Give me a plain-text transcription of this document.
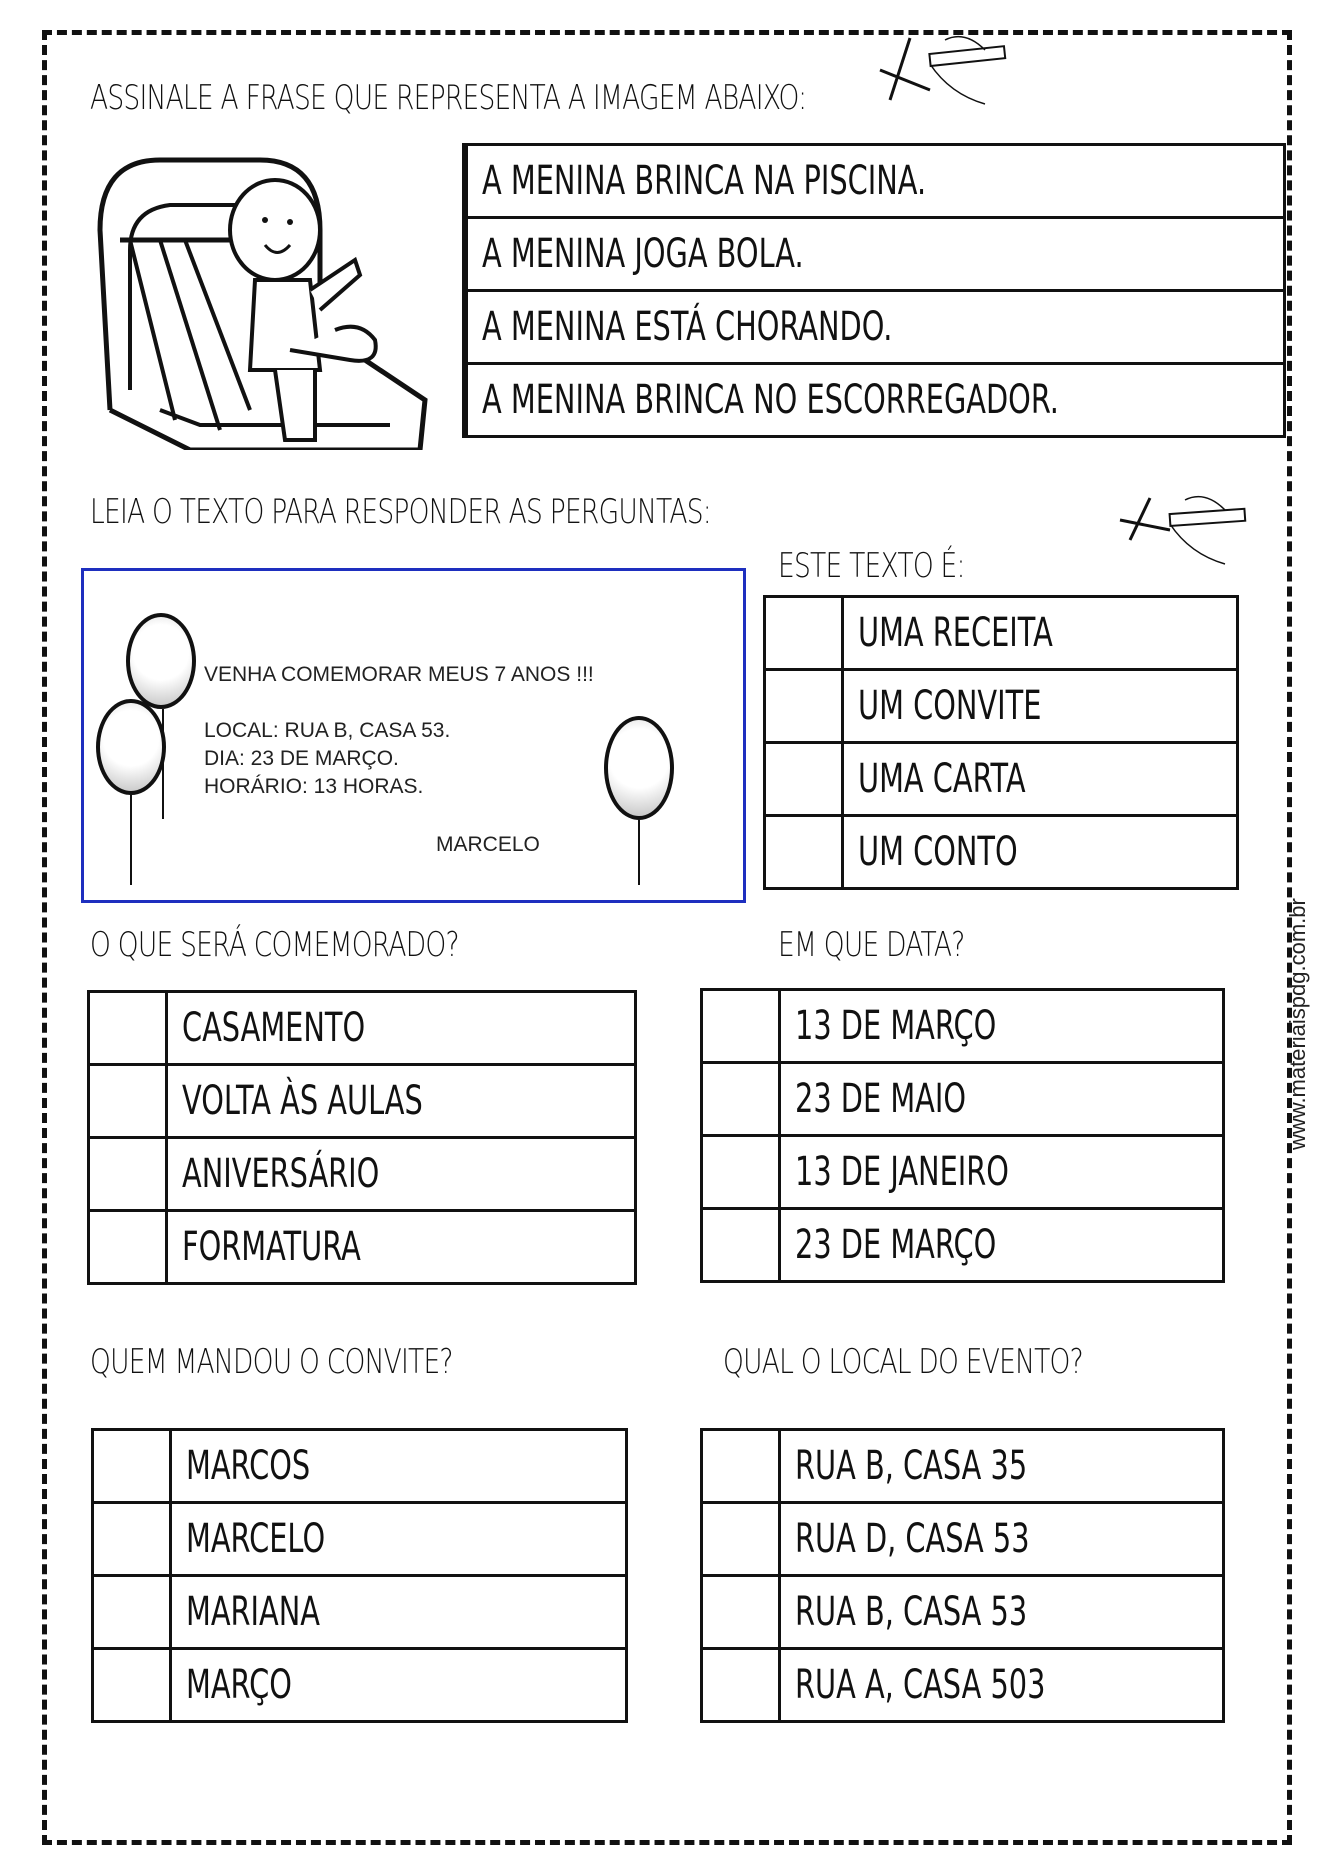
ASSINALE A FRASE QUE REPRESENTA A IMAGEM ABAIXO:
	A MENINA BRINCA NA PISCINA.
	A MENINA JOGA BOLA.
	A MENINA ESTÁ CHORANDO.
	A MENINA BRINCA NO ESCORREGADOR.
LEIA O TEXTO PARA RESPONDER AS PERGUNTAS:
VENHA COMEMORAR MEUS 7 ANOS !!!
LOCAL: RUA B, CASA 53.
DIA: 23 DE MARÇO.
HORÁRIO: 13 HORAS.
MARCELO
ESTE TEXTO É:
	UMA RECEITA
	UM CONVITE
	UMA CARTA
	UM CONTO
O QUE SERÁ COMEMORADO?
	CASAMENTO
	VOLTA ÀS AULAS
	ANIVERSÁRIO
	FORMATURA
EM QUE DATA?
	13 DE MARÇO
	23 DE MAIO
	13 DE JANEIRO
	23 DE MARÇO
QUEM MANDOU O CONVITE?
	MARCOS
	MARCELO
	MARIANA
	MARÇO
QUAL O LOCAL DO EVENTO?
	RUA B, CASA 35
	RUA D, CASA 53
	RUA B, CASA 53
	RUA A, CASA 503
www.materiaispdg.com.br
